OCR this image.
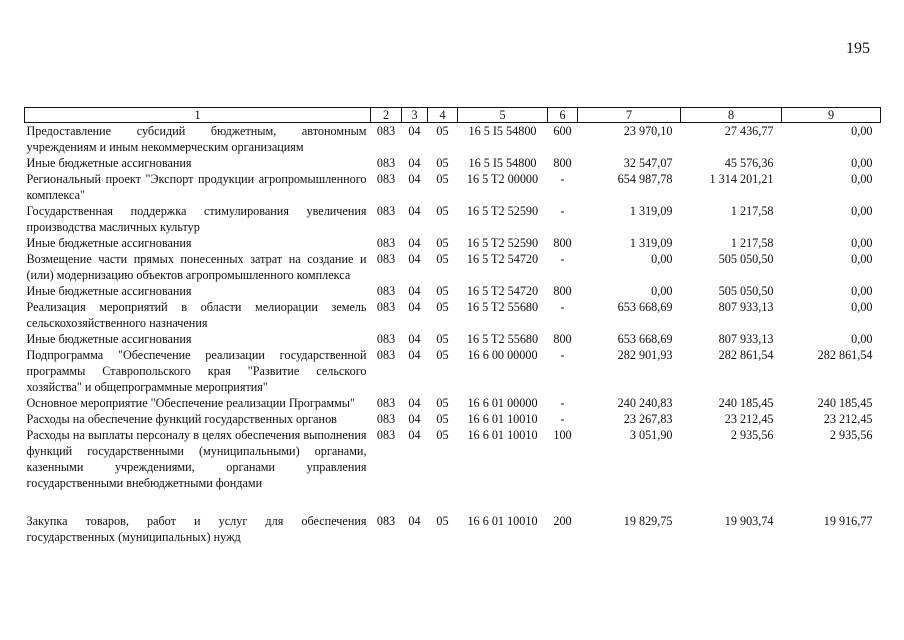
195
1	2	3	4	5	6	7	8	9
Предоставление субсидий бюджетным, автономным учреждениям и иным некоммерческим организациям	083	04	05	16 5 I5 54800	600	23 970,10	27 436,77	0,00
Иные бюджетные ассигнования	083	04	05	16 5 I5 54800	800	32 547,07	45 576,36	0,00
Региональный проект "Экспорт продукции агропромышленного комплекса"	083	04	05	16 5 T2 00000	-	654 987,78	1 314 201,21	0,00
Государственная поддержка стимулирования увеличения производства масличных культур	083	04	05	16 5 T2 52590	-	1 319,09	1 217,58	0,00
Иные бюджетные ассигнования	083	04	05	16 5 T2 52590	800	1 319,09	1 217,58	0,00
Возмещение части прямых понесенных затрат на создание и (или) модернизацию объектов агропромышленного комплекса	083	04	05	16 5 T2 54720	-	0,00	505 050,50	0,00
Иные бюджетные ассигнования	083	04	05	16 5 T2 54720	800	0,00	505 050,50	0,00
Реализация мероприятий в области мелиорации земель сельскохозяйственного назначения	083	04	05	16 5 T2 55680	-	653 668,69	807 933,13	0,00
Иные бюджетные ассигнования	083	04	05	16 5 T2 55680	800	653 668,69	807 933,13	0,00
Подпрограмма "Обеспечение реализации государственной программы Ставропольского края "Развитие сельского хозяйства" и общепрограммные мероприятия"	083	04	05	16 6 00 00000	-	282 901,93	282 861,54	282 861,54
Основное мероприятие "Обеспечение реализации Программы"	083	04	05	16 6 01 00000	-	240 240,83	240 185,45	240 185,45
Расходы на обеспечение функций государственных органов	083	04	05	16 6 01 10010	-	23 267,83	23 212,45	23 212,45
Расходы на выплаты персоналу в целях обеспечения выполнения функций государственными (муниципальными) органами, казенными учреждениями, органами управления государственными внебюджетными фондами	083	04	05	16 6 01 10010	100	3 051,90	2 935,56	2 935,56

Закупка товаров, работ и услуг для обеспечения государственных (муниципальных) нужд	083	04	05	16 6 01 10010	200	19 829,75	19 903,74	19 916,77
